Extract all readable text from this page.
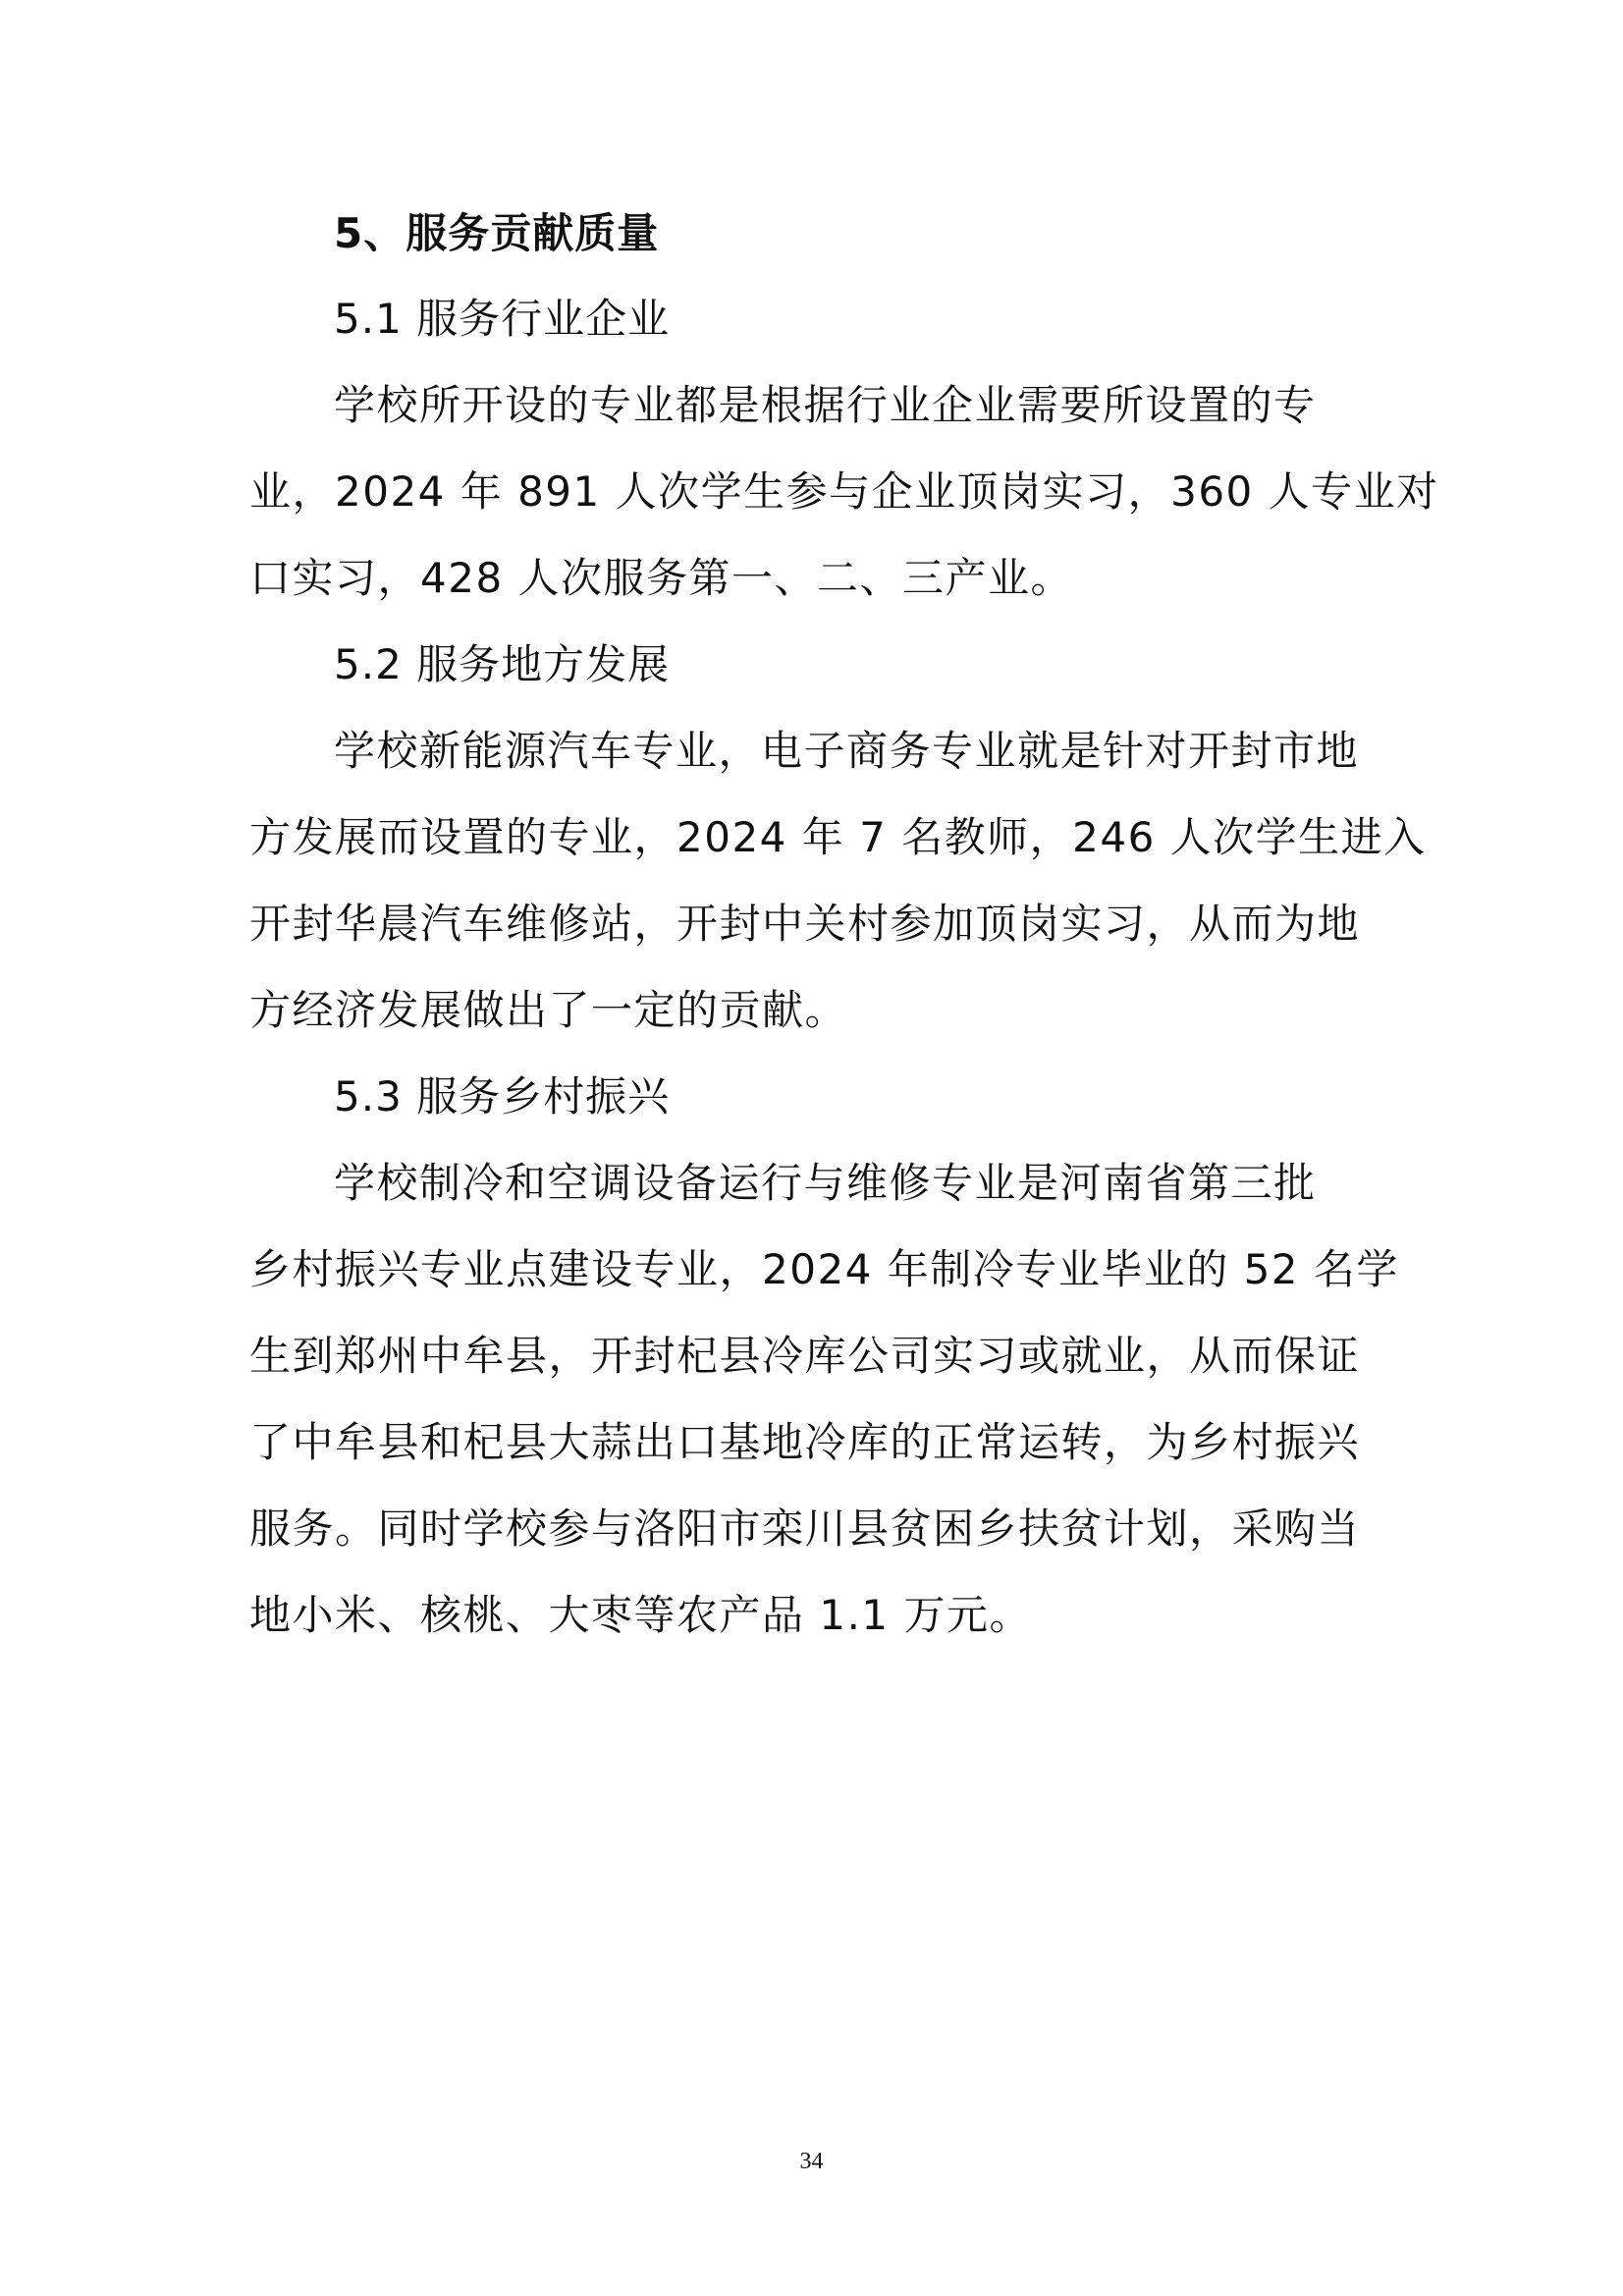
5、服务贡献质量
5.1 服务行业企业
学校所开设的专业都是根据行业企业需要所设置的专
业，2024 年 891 人次学生参与企业顶岗实习，360 人专业对
口实习，428 人次服务第一、二、三产业。
5.2 服务地方发展
学校新能源汽车专业，电子商务专业就是针对开封市地
方发展而设置的专业，2024 年 7 名教师，246 人次学生进入
开封华晨汽车维修站，开封中关村参加顶岗实习，从而为地
方经济发展做出了一定的贡献。
5.3 服务乡村振兴
学校制冷和空调设备运行与维修专业是河南省第三批
乡村振兴专业点建设专业，2024 年制冷专业毕业的 52 名学
生到郑州中牟县，开封杞县冷库公司实习或就业，从而保证
了中牟县和杞县大蒜出口基地冷库的正常运转，为乡村振兴
服务。同时学校参与洛阳市栾川县贫困乡扶贫计划，采购当
地小米、核桃、大枣等农产品 1.1 万元。
34
